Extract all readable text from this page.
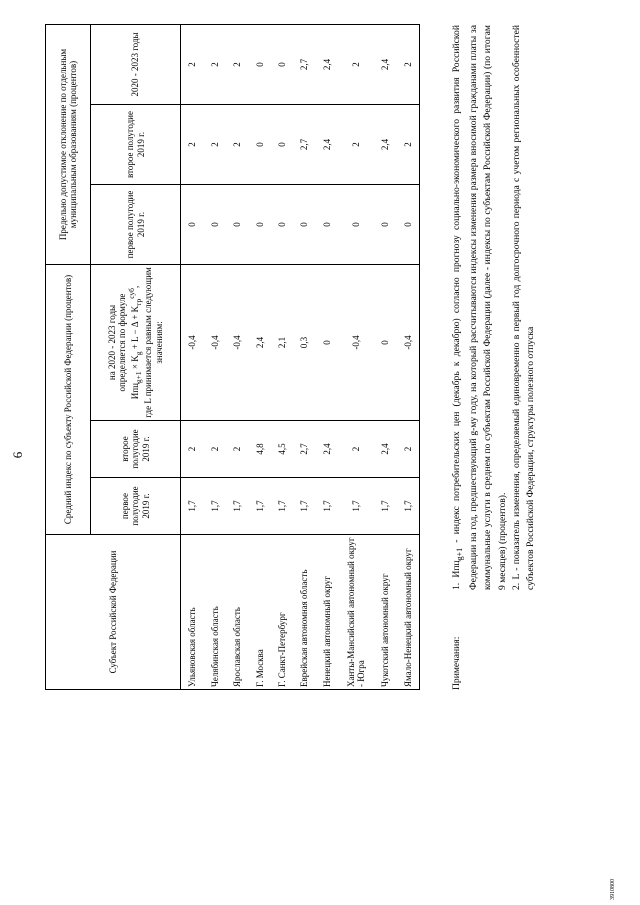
6
Субъект Российской Федерации	Средний индекс по субъекту Российской Федерации (процентов)			Предельно допустимое отклонение по отдельным муниципальным образованиям (процентов)		
	первое полугодие 2019 г.	второе полугодие 2019 г.	на 2020 - 2023 годы определяется по формуле $Ипц_{g+1} \times K_g + L - \Delta + K_{тр}^{суб}$, где L принимается равным следующим значениям:	первое полугодие 2019 г.	второе полугодие 2019 г.	2020 - 2023 годы
Ульяновская область	1,7	2	-0,4	0	2	2
Челябинская область	1,7	2	-0,4	0	2	2
Ярославская область	1,7	2	-0,4	0	2	2
Г. Москва	1,7	4,8	2,4	0	0	0
Г. Санкт-Петербург	1,7	4,5	2,1	0	0	0
Еврейская автономная область	1,7	2,7	0,3	0	2,7	2,7
Ненецкий автономный округ	1,7	2,4	0	0	2,4	2,4
Ханты-Мансийский автономный округ - Югра	1,7	2	-0,4	0	2	2
Чукотский автономный округ	1,7	2,4	0	0	2,4	2,4
Ямало-Ненецкий автономный округ	1,7	2	-0,4	0	2	2
Примечания:
1. Ипц$_{g+1}$ - индекс потребительских цен (декабрь к декабрю) согласно прогнозу социально-экономического развития Российской Федерации на год, предшествующий g-му году, на который рассчитываются индексы изменения размера вносимой гражданами платы за коммунальные услуги в среднем по субъектам Российской Федерации (далее - индексы по субъектам Российской Федерации) (по итогам 9 месяцев) (процентов). 2. L - показатель изменения, определяемый единовременно в первый год долгосрочного периода с учетом региональных особенностей субъектов Российской Федерации, структуры полезного отпуска
3910800
